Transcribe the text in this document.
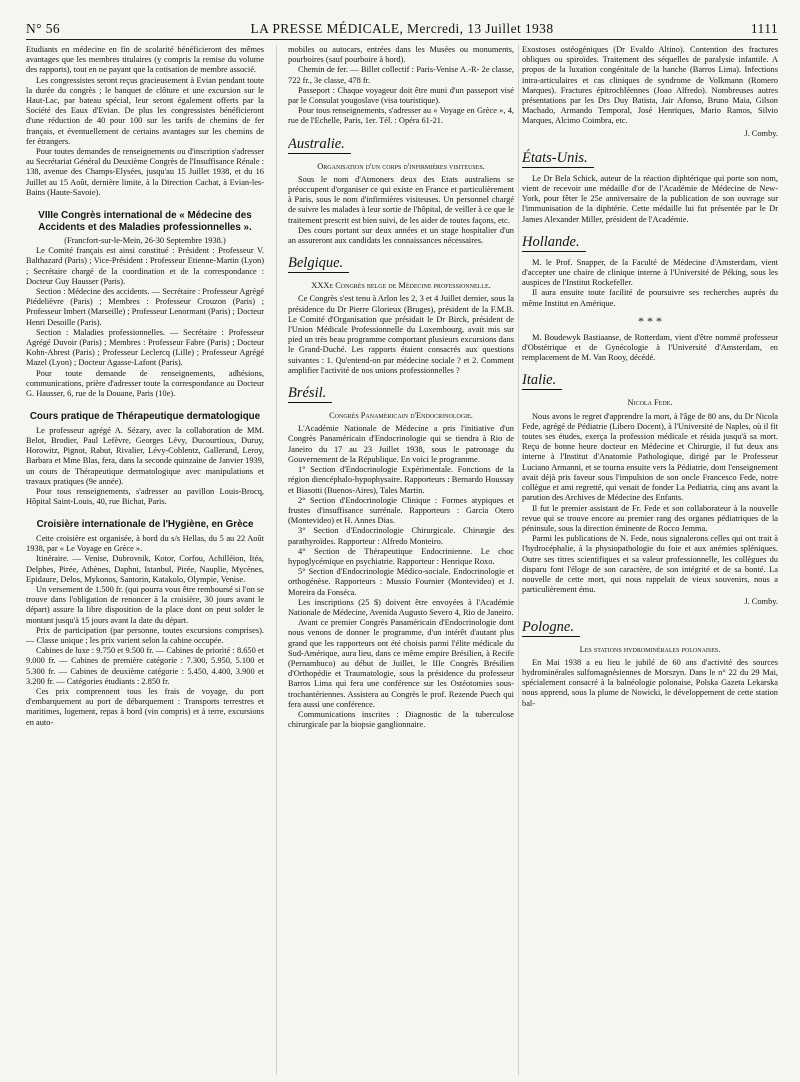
N° 56	LA PRESSE MÉDICALE, Mercredi, 13 Juillet 1938	1111

Etudiants en médecine en fin de scolarité bénéficieront des mêmes avantages que les membres titulaires (y compris la remise du volume des rapports), tout en ne payant que la cotisation de membre associé.

Les congressistes seront reçus gracieusement à Evian pendant toute la durée du congrès ; le banquet de clôture et une excursion sur le Haut-Lac, par bateau spécial, leur seront également offerts par la Société des Eaux d'Evian. De plus les congressistes bénéficieront d'une réduction de 40 pour 100 sur les tarifs de chemins de fer français, et éventuellement de certains avantages sur les chemins de fer étrangers.

Pour toutes demandes de renseignements ou d'inscription s'adresser au Secrétariat Général du Deuxième Congrès de l'Insuffisance Rénale : 138, avenue des Champs-Elysées, jusqu'au 15 Juillet 1938, et du 16 Juillet au 15 Août, dernière limite, à la Direction Cachat, à Evian-les-Bains (Haute-Savoie).

VIIIe Congrès international de « Médecine des Accidents et des Maladies professionnelles ».

(Francfort-sur-le-Mein, 26-30 Septembre 1938.)

Le Comité français est ainsi constitué : Président : Professeur V. Balthazard (Paris) ; Vice-Président : Professeur Etienne-Martin (Lyon) ; Secrétaire chargé de la coordination et de la correspondance : Docteur Guy Hausser (Paris).

Section : Médecine des accidents. — Secrétaire : Professeur Agrégé Piédelièvre (Paris) ; Membres : Professeur Crouzon (Paris) ; Professeur Imbert (Marseille) ; Professeur Lenormant (Paris) ; Docteur Henri Desoille (Paris).

Section : Maladies professionnelles. — Secrétaire : Professeur Agrégé Duvoir (Paris) ; Membres : Professeur Fabre (Paris) ; Docteur Kohn-Abrest (Paris) ; Professeur Leclercq (Lille) ; Professeur Agrégé Mazel (Lyon) ; Docteur Agasse-Lafont (Paris).

Pour toute demande de renseignements, adhésions, communications, prière d'adresser toute la correspondance au Docteur G. Hausser, 6, rue de la Douane, Paris (10e).

Cours pratique de Thérapeutique dermatologique

Le professeur agrégé A. Sézary, avec la collaboration de MM. Belot, Brodier, Paul Lefèvre, Georges Lévy, Ducourtioux, Duruy, Horowitz, Pignot, Rabut, Rivalier, Lévy-Coblentz, Gallerand, Leroy, Barbara et Mme Blas, fera, dans la seconde quinzaine de Janvier 1939, un cours de Thérapeutique dermatologique avec manipulations et travaux pratiques (9e année).

Pour tous renseignements, s'adresser au pavillon Louis-Brocq, Hôpital Saint-Louis, 40, rue Bichat, Paris.

Croisière internationale de l'Hygiène, en Grèce

Cette croisière est organisée, à bord du s/s Hellas, du 5 au 22 Août 1938, par « Le Voyage en Grèce ».

Itinéraire. — Venise, Dubrovnik, Kotor, Corfou, Achilléion, Itéa, Delphes, Pirée, Athènes, Daphni, Istanbul, Pirée, Nauplie, Mycènes, Epidaure, Delos, Mykonos, Santorin, Katakolo, Olympie, Venise.

Un versement de 1.500 fr. (qui pourra vous être remboursé si l'on se trouve dans l'obligation de renoncer à la croisière, 30 jours avant le départ) assure la libre disposition de la place dont on peut solder le montant jusqu'à 15 jours avant la date du départ.

Prix de participation (par personne, toutes excursions comprises). — Classe unique ; les prix varient selon la cabine occupée.

Cabines de luxe : 9.750 et 9.500 fr. — Cabines de priorité : 8.650 et 9.000 fr. — Cabines de première catégorie : 7.300, 5.950, 5.100 et 5.300 fr. — Cabines de deuxième catégorie : 5.450, 4.400, 3.900 et 3.200 fr. — Catégories étudiants : 2.850 fr.

Ces prix comprennent tous les frais de voyage, du port d'embarquement au port de débarquement : Transports terrestres et maritimes, logement, repas à bord (vin compris) et à terre, excursions en auto-

mobiles ou autocars, entrées dans les Musées ou monuments, pourboires (sauf pourboire à bord).

Chemin de fer. — Billet collectif : Paris-Venise A.-R- 2e classe, 722 fr., 3e classe, 478 fr.

Passeport : Chaque voyageur doit être muni d'un passeport visé par le Consulat yougoslave (visa touristique).

Pour tous renseignements, s'adresser au « Voyage en Grèce », 4, rue de l'Echelle, Paris, 1er. Tél. : Opéra 61-21.

Australie.

Organisation d'un corps d'infirmières visiteuses.

Sous le nom d'Atmoners deux des Etats australiens se préoccupent d'organiser ce qui existe en France et particulièrement à Paris, sous le nom d'infirmières visiteuses. Un personnel chargé de suivre les malades à leur sortie de l'hôpital, de veiller à ce que le traitement prescrit est bien suivi, de les aider de toutes façons, etc.

Des cours portant sur deux années et un stage hospitalier d'un an assureront aux candidats les connaissances nécessaires.

Belgique.

XXXe Congrès belge de Médecine professionnelle.

Ce Congrès s'est tenu à Arlon les 2, 3 et 4 Juillet dernier, sous la présidence du Dr Pierre Glorieux (Bruges), président de la F.M.B. Le Comité d'Organisation que présidait le Dr Birck, président de l'Union Médicale Professionnelle du Luxembourg, avait mis sur pied un très beau programme comportant plusieurs excursions dans le Grand-Duché. Les rapports étaient consacrés aux questions suivantes : 1. Qu'entend-on par médecine sociale ? et 2. Comment amplifier l'activité de nos unions professionnelles ?

Brésil.

Congrès Panaméricain d'Endocrinologie.

L'Académie Nationale de Médecine a pris l'initiative d'un Congrès Panaméricain d'Endocrinologie qui se tiendra à Rio de Janeiro du 17 au 23 Juillet 1938, sous le patronage du Gouvernement de la République. En voici le programme.

1° Section d'Endocrinologie Expérimentale. Fonctions de la région diencéphalo-hypophysaire. Rapporteurs : Bernardo Houssay et Biasotti (Buenos-Aires), Tales Martin.

2° Section d'Endocrinologie Clinique : Formes atypiques et frustes d'insuffisance surrénale. Rapporteurs : Garcia Otero (Montevideo) et H. Annes Dias.

3° Section d'Endocrinologie Chirurgicale. Chirurgie des parathyroïdes. Rapporteur : Alfredo Monteiro.

4° Section de Thérapeutique Endocrinienne. Le choc hypoglycémique en psychiatrie. Rapporteur : Henrique Roxo.

5° Section d'Endocrinologie Médico-sociale. Endocrinologie et orthogénèse. Rapporteurs : Mussio Fournier (Montevideo) et J. Moreira da Fonséca.

Les inscriptions (25 $) doivent être envoyées à l'Académie Nationale de Médecine, Avenida Augusto Severo 4, Rio de Janeiro.

Avant ce premier Congrès Panaméricain d'Endocrinologie dont nous venons de donner le programme, d'un intérêt d'autant plus grand que les rapporteurs ont été choisis parmi l'élite médicale du Sud-Amérique, aura lieu, dans ce même empire Brésilien, à Recife (Pernambuco) au début de Juillet, le IIIe Congrès Brésilien d'Orthopédie et Traumatologie, sous la présidence du professeur Barros Lima qui fera une conférence sur les Ostéotomies sous-trochantériennes. Assistera au Congrès le prof. Rezende Puech qui fera aussi une conférence.

Communications inscrites : Diagnostic de la tuberculose chirurgicale par la biopsie ganglionnaire.

Exostoses ostéogéniques (Dr Evaldo Altino). Contention des fractures obliques ou spiroïdes. Traitement des séquelles de paralysie infantile. A propos de la luxation congénitale de la hanche (Barros Lima). Infections intra-articulaires et cas cliniques de syndrome de Volkmann (Romero Marques). Fractures épitrochléennes (Joao Alfredo). Nombreuses autres présentations par les Drs Duy Batista, Jair Afonso, Bruno Maia, Gilson Machado, Armando Temporal, José Henriques, Mario Ramos, Silvio Marques, Alcimo Coimbra, etc.

J. Comby.

États-Unis.

Le Dr Bela Schick, auteur de la réaction diphtérique qui porte son nom, vient de recevoir une médaille d'or de l'Académie de Médecine de New-York, pour fêter le 25e anniversaire de la publication de son ouvrage sur l'immunisation de la diphtérie. Cette médaille lui fut présentée par le Dr James Alexander Miller, président de l'Académie.

Hollande.

M. le Prof. Snapper, de la Faculté de Médecine d'Amsterdam, vient d'accepter une chaire de clinique interne à l'Université de Péking, sous les auspices de l'Institut Rockefeller.

Il aura ensuite toute facilité de poursuivre ses recherches auprès du même Institut en Amérique.

* * *

M. Boudewyk Bastiaanse, de Rotterdam, vient d'être nommé professeur d'Obstétrique et de Gynécologie à l'Université d'Amsterdam, en remplacement de M. Van Rooy, décédé.

Italie.

Nicola Fede.

Nous avons le regret d'apprendre la mort, à l'âge de 80 ans, du Dr Nicola Fede, agrégé de Pédiatrie (Libero Docent), à l'Université de Naples, où il fit toutes ses études, exerça la profession médicale et résida jusqu'à sa mort. Reçu de bonne heure docteur en Médecine et Chirurgie, il fut deux ans interne à l'Institut d'Anatomie Pathologique, dirigé par le Professeur Luciano Armanni, et se tourna ensuite vers la Pédiatrie, dont l'enseignement avait déjà pris faveur sous l'impulsion de son oncle Francesco Fede, notre collègue et ami regretté, qui venait de fonder La Pediatria, cinq ans avant la parution des Archives de Médecine des Enfants.

Il fut le premier assistant de Fr. Fede et son collaborateur à la nouvelle revue qui se trouve encore au premier rang des organes pédiatriques de la péninsule, sous la direction éminente de Rocco Jemma.

Parmi les publications de N. Fede, nous signalerons celles qui ont trait à l'hydrocéphalie, à la physiopathologie du foie et aux anémies spléniques. Outre ses titres scientifiques et sa valeur professionnelle, les collègues du disparu font l'éloge de son caractère, de son intégrité et de sa bonté. La nouvelle de cette mort, qui nous rappelait de vieux souvenirs, nous a particulièrement ému.

J. Comby.

Pologne.

Les stations hydrominérales polonaises.

En Mai 1938 a eu lieu le jubilé de 60 ans d'activité des sources hydrominérales sulfomagnésiennes de Morszyn. Dans le n° 22 du 29 Mai, spécialement consacré à la balnéologie polonaise, Polska Gazeta Lekarska nous apprend, sous la plume de Nowicki, le développement de cette station bal-
